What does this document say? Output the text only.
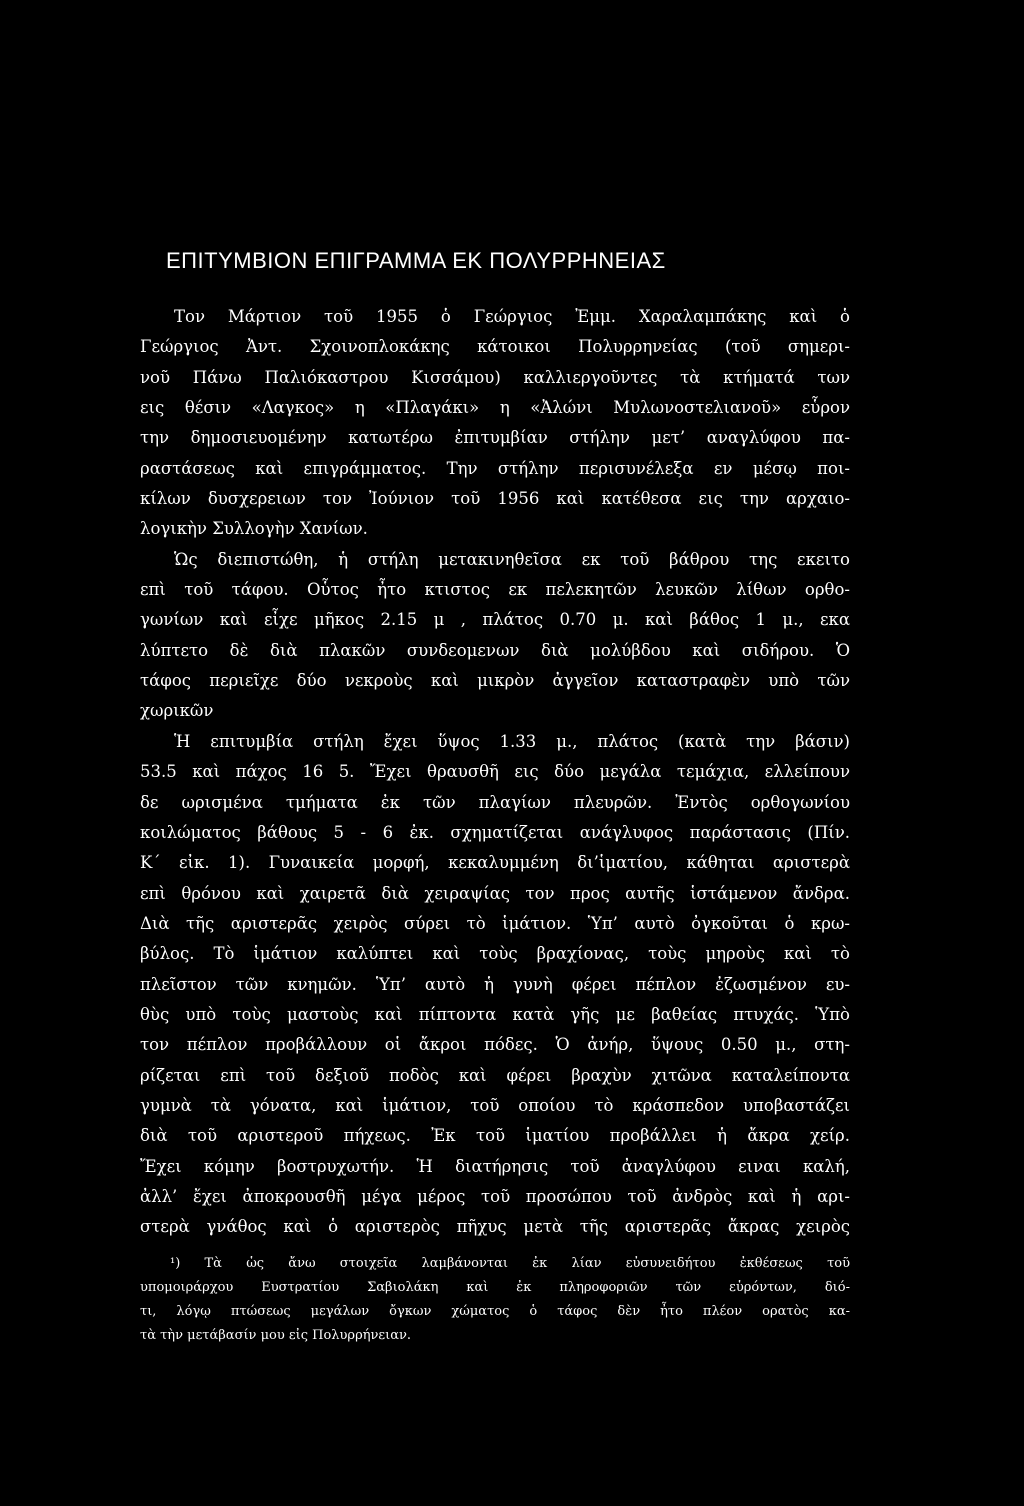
ΕΠΙΤΥΜΒΙΟΝ ΕΠΙΓΡΑΜΜΑ ΕΚ ΠΟΛΥΡΡΗΝΕΙΑΣ
Τον Μάρτιον τοῦ 1955 ὁ Γεώργιος Ἐμμ. Χαραλαμπάκης καὶ ὁ
Γεώργιος Ἀντ. Σχοινοπλοκάκης κάτοικοι Πολυρρηνείας (τοῦ σημερι-
νοῦ Πάνω Παλιόκαστρου Κισσάμου) καλλιεργοῦντες τὰ κτήματά των
εις θέσιν «Λαγκος» η «Πλαγάκι» η «Ἀλώνι Μυλωνοστελιανοῦ» εὗρον
την δημοσιευομένην κατωτέρω ἐπιτυμβίαν στήλην μετ’ αναγλύφου πα-
ραστάσεως καὶ επιγράμματος. Την στήλην περισυνέλεξα εν μέσῳ ποι-
κίλων δυσχερειων τον Ἰούνιον τοῦ 1956 καὶ κατέθεσα εις την αρχαιο-
λογικὴν Συλλογὴν Χανίων.
Ὡς διεπιστώθη, ἡ στήλη μετακινηθεῖσα εκ τοῦ βάθρου της εκειτο
επὶ τοῦ τάφου. Οὗτος ἦτο κτιστος εκ πελεκητῶν λευκῶν λίθων ορθο-
γωνίων καὶ εἶχε μῆκος 2.15 μ , πλάτος 0.70 μ. καὶ βάθος 1 μ., εκα
λύπτετο δὲ διὰ πλακῶν συνδεομενων διὰ μολύβδου καὶ σιδήρου. Ὁ
τάφος περιεῖχε δύο νεκροὺς καὶ μικρὸν ἀγγεῖον καταστραφὲν υπὸ τῶν
χωρικῶν
Ἡ επιτυμβία στήλη ἔχει ὕψος 1.33 μ., πλάτος (κατὰ την βάσιν)
53.5 καὶ πάχος 16 5. Ἔχει θραυσθῆ εις δύο μεγάλα τεμάχια, ελλείπουν
δε ωρισμένα τμήματα ἐκ τῶν πλαγίων πλευρῶν. Ἐντὸς ορθογωνίου
κοιλώματος βάθους 5 - 6 ἐκ. σχηματίζεται ανάγλυφος παράστασις (Πίν.
Κ΄ εἰκ. 1). Γυναικεία μορφή, κεκαλυμμένη δι’ἱματίου, κάθηται αριστερὰ
επὶ θρόνου καὶ χαιρετᾶ διὰ χειραψίας τον προς αυτῆς ἱστάμενον ἄνδρα.
Διὰ τῆς αριστερᾶς χειρὸς σύρει τὸ ἱμάτιον. Ὑπ’ αυτὸ ὀγκοῦται ὁ κρω-
βύλος. Τὸ ἱμάτιον καλύπτει καὶ τοὺς βραχίονας, τοὺς μηροὺς καὶ τὸ
πλεῖστον τῶν κνημῶν. Ὑπ’ αυτὸ ἡ γυνὴ φέρει πέπλον ἐζωσμένον ευ-
θὺς υπὸ τοὺς μαστοὺς καὶ πίπτοντα κατὰ γῆς με βαθείας πτυχάς. Ὑπὸ
τον πέπλον προβάλλουν οἱ ἄκροι πόδες. Ὁ ἀνήρ, ὕψους 0.50 μ., στη-
ρίζεται επὶ τοῦ δεξιοῦ ποδὸς καὶ φέρει βραχὺν χιτῶνα καταλείποντα
γυμνὰ τὰ γόνατα, καὶ ἱμάτιον, τοῦ οποίου τὸ κράσπεδον υποβαστάζει
διὰ τοῦ αριστεροῦ πήχεως. Ἐκ τοῦ ἱματίου προβάλλει ἡ ἄκρα χείρ.
Ἔχει κόμην βοστρυχωτήν. Ἡ διατήρησις τοῦ ἀναγλύφου ειναι καλή,
ἀλλ’ ἔχει ἀποκρουσθῆ μέγα μέρος τοῦ προσώπου τοῦ ἀνδρὸς καὶ ἡ αρι-
στερὰ γνάθος καὶ ὁ αριστερὸς πῆχυς μετὰ τῆς αριστερᾶς ἄκρας χειρὸς
¹) Τὰ ὡς ἄνω στοιχεῖα λαμβάνονται ἐκ λίαν εὐσυνειδήτου ἐκθέσεως τοῦ
υπομοιράρχου Ευστρατίου Σαβιολάκη καὶ ἐκ πληροφοριῶν τῶν εὑρόντων, διό-
τι, λόγῳ πτώσεως μεγάλων ὄγκων χώματος ὁ τάφος δὲν ἦτο πλέον ορατὸς κα-
τὰ τὴν μετάβασίν μου εἰς Πολυρρήνειαν.
